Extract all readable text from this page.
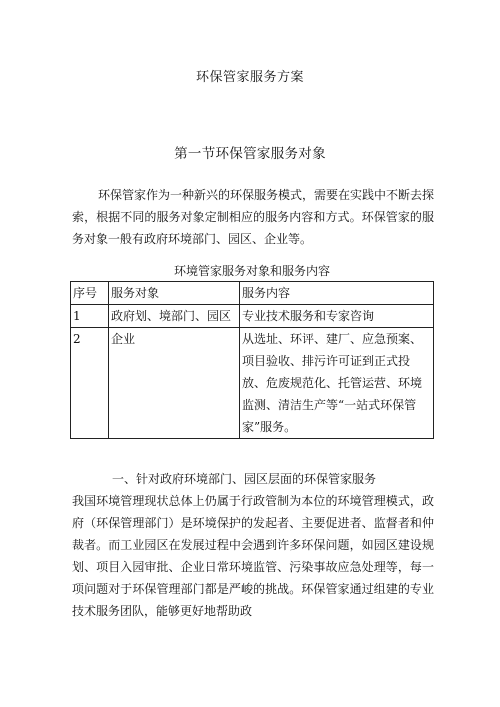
环保管家服务方案
第一节环保管家服务对象

环保管家作为一种新兴的环保服务模式，需要在实践中不断去探索，根据不同的服务对象定制相应的服务内容和方式。环保管家的服务对象一般有政府环境部门、园区、企业等。

环境管家服务对象和服务内容
序号	服务对象	服务内容
1	政府划、境部门、园区	专业技术服务和专家咨询
2	企业	从选址、环评、建厂、应急预案、项目验收、排污许可证到正式投放、危废规范化、托管运营、环境监测、清洁生产等“一站式环保管家”服务。

一、针对政府环境部门、园区层面的环保管家服务

我国环境管理现状总体上仍属于行政管制为本位的环境管理模式，政府（环保管理部门）是环境保护的发起者、主要促进者、监督者和仲裁者。而工业园区在发展过程中会遇到许多环保问题，如园区建设规划、项目入园审批、企业日常环境监管、污染事故应急处理等，每一项问题对于环保管理部门都是严峻的挑战。环保管家通过组建的专业技术服务团队，能够更好地帮助政
